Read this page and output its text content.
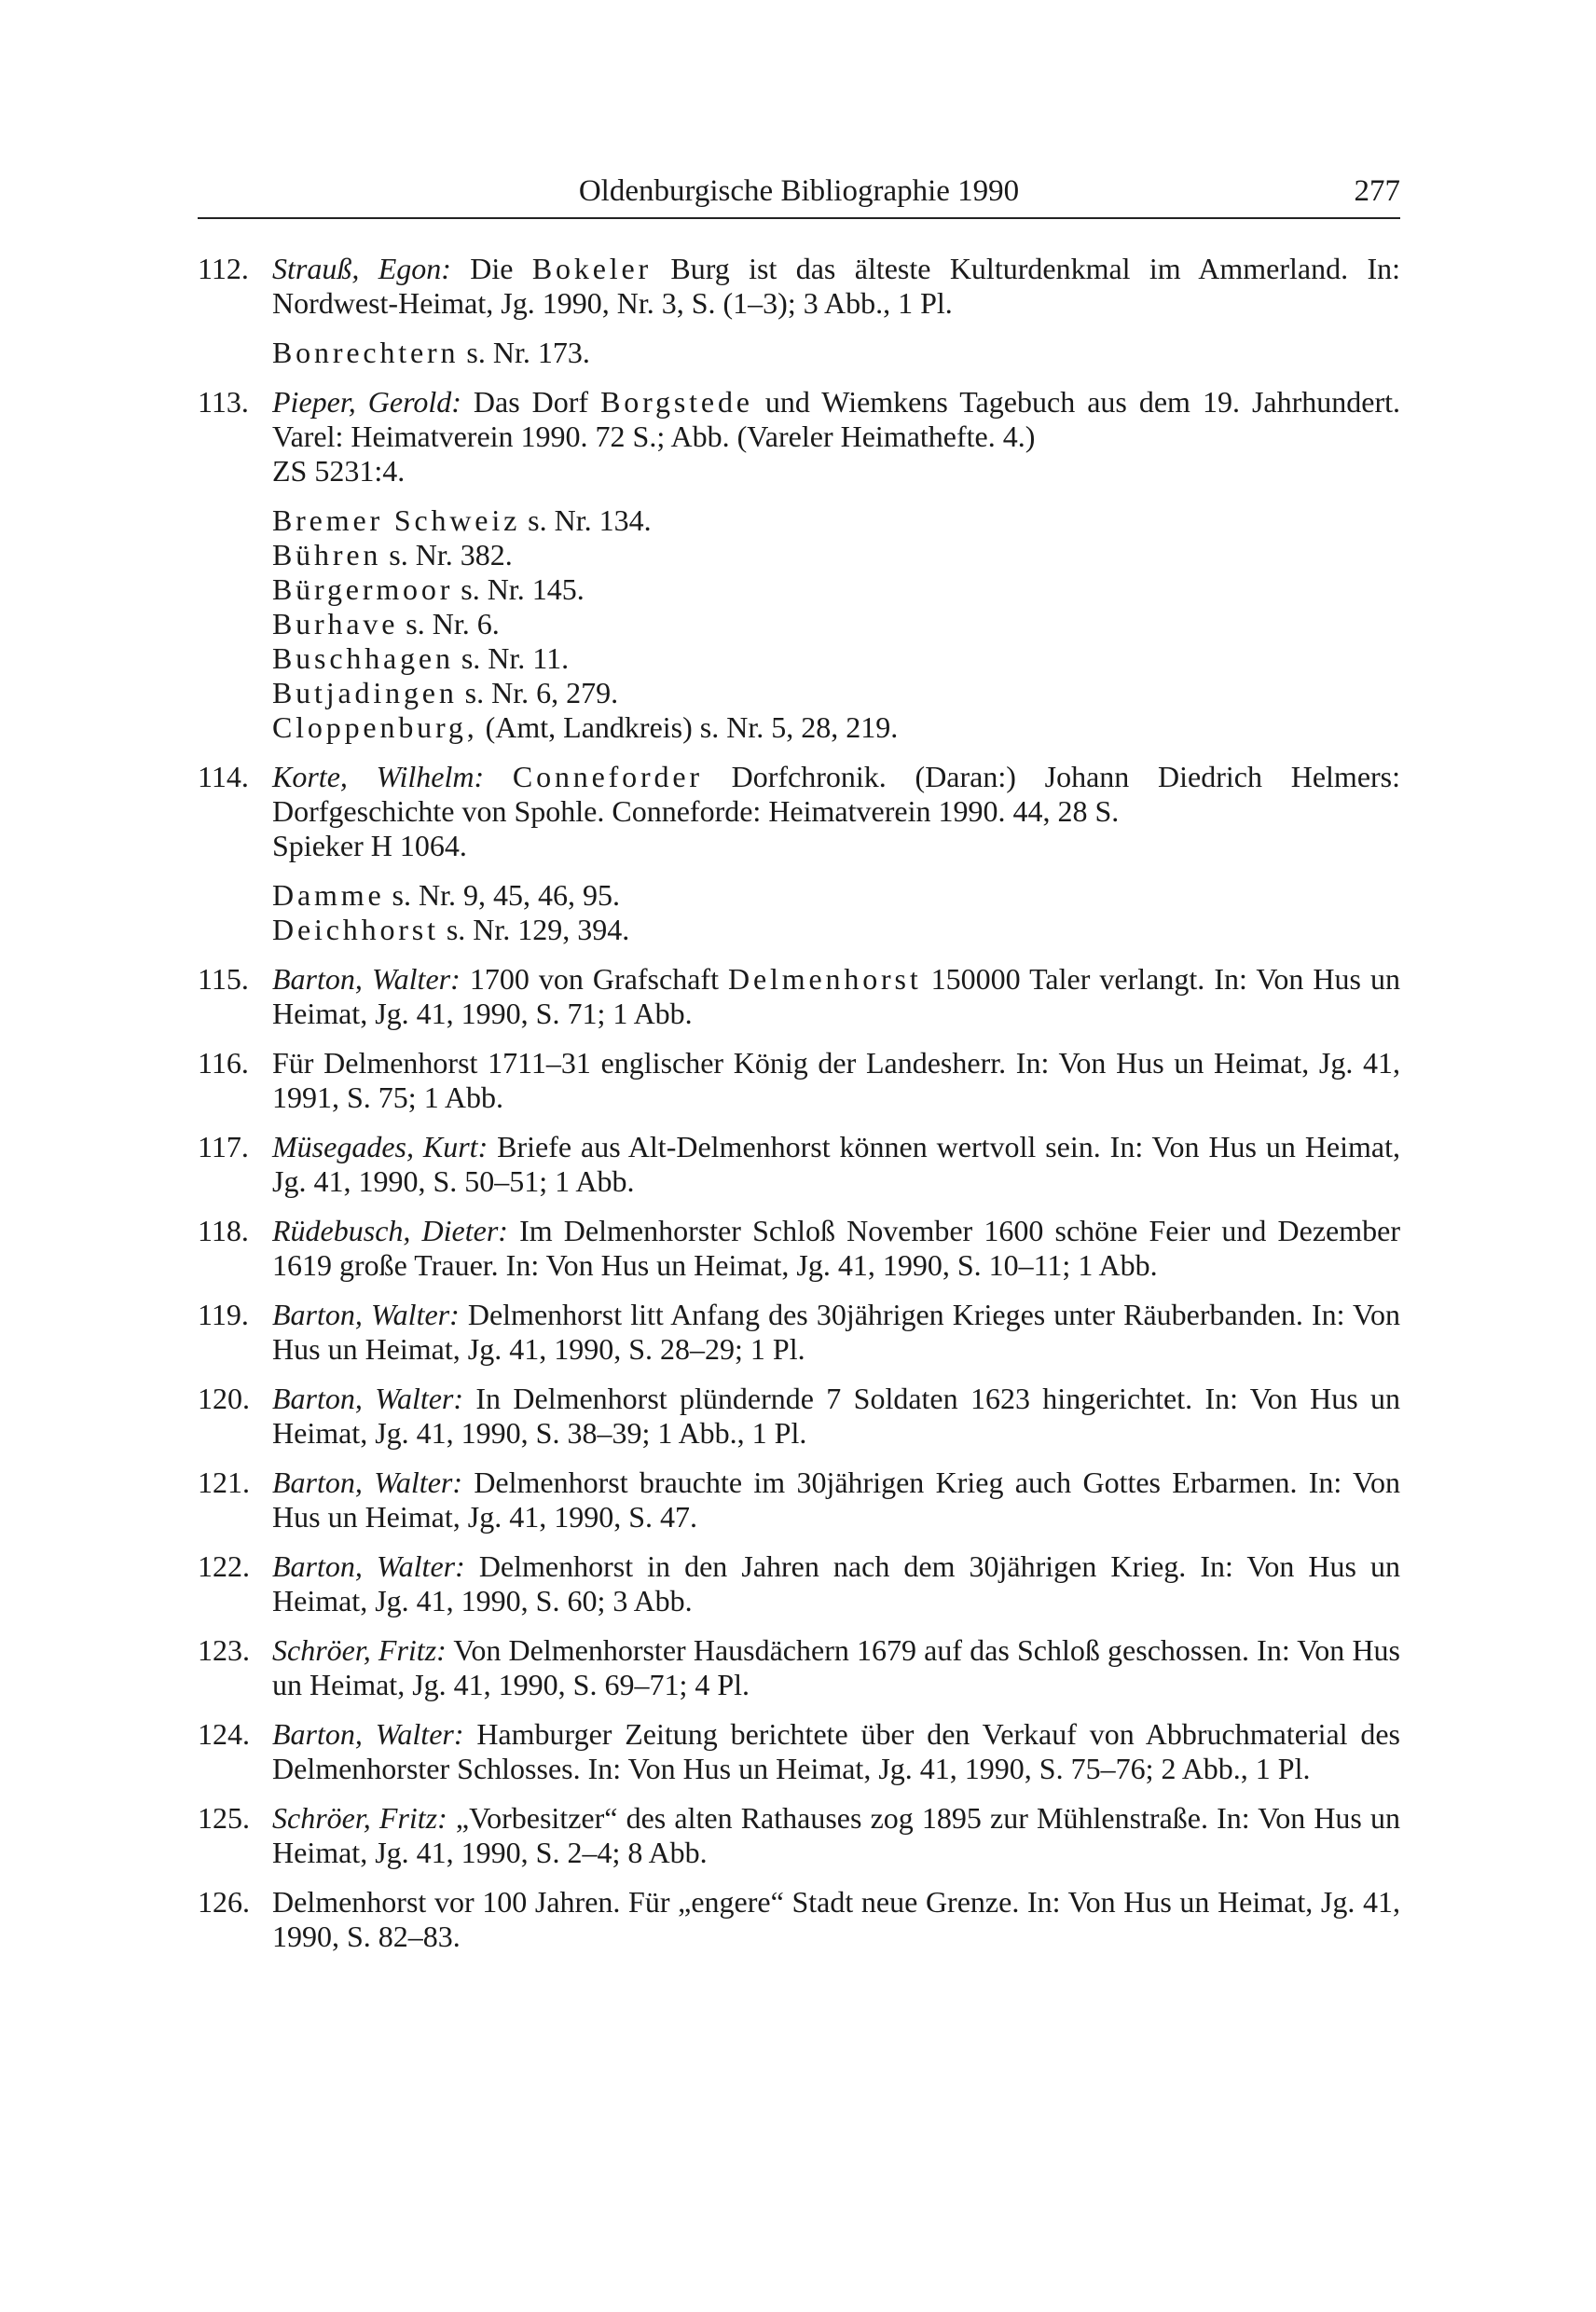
Oldenburgische Bibliographie 1990	277
112. Strauß, Egon: Die Bokeler Burg ist das älteste Kulturdenkmal im Ammerland. In: Nordwest-Heimat, Jg. 1990, Nr. 3, S. (1–3); 3 Abb., 1 Pl.
Bonrechtern s. Nr. 173.
113. Pieper, Gerold: Das Dorf Borgstede und Wiemkens Tagebuch aus dem 19. Jahrhundert. Varel: Heimatverein 1990. 72 S.; Abb. (Vareler Heimathefte. 4.)
ZS 5231:4.
Bremer Schweiz s. Nr. 134.
Bühren s. Nr. 382.
Bürgermoor s. Nr. 145.
Burhave s. Nr. 6.
Buschhagen s. Nr. 11.
Butjadingen s. Nr. 6, 279.
Cloppenburg, (Amt, Landkreis) s. Nr. 5, 28, 219.
114. Korte, Wilhelm: Conneforder Dorfchronik. (Daran:) Johann Diedrich Helmers: Dorfgeschichte von Spohle. Conneforde: Heimatverein 1990. 44, 28 S.
Spieker H 1064.
Damme s. Nr. 9, 45, 46, 95.
Deichhorst s. Nr. 129, 394.
115. Barton, Walter: 1700 von Grafschaft Delmenhorst 150000 Taler verlangt. In: Von Hus un Heimat, Jg. 41, 1990, S. 71; 1 Abb.
116. Für Delmenhorst 1711–31 englischer König der Landesherr. In: Von Hus un Heimat, Jg. 41, 1991, S. 75; 1 Abb.
117. Müsegades, Kurt: Briefe aus Alt-Delmenhorst können wertvoll sein. In: Von Hus un Heimat, Jg. 41, 1990, S. 50–51; 1 Abb.
118. Rüdebusch, Dieter: Im Delmenhorster Schloß November 1600 schöne Feier und Dezember 1619 große Trauer. In: Von Hus un Heimat, Jg. 41, 1990, S. 10–11; 1 Abb.
119. Barton, Walter: Delmenhorst litt Anfang des 30jährigen Krieges unter Räuberbanden. In: Von Hus un Heimat, Jg. 41, 1990, S. 28–29; 1 Pl.
120. Barton, Walter: In Delmenhorst plündernde 7 Soldaten 1623 hingerichtet. In: Von Hus un Heimat, Jg. 41, 1990, S. 38–39; 1 Abb., 1 Pl.
121. Barton, Walter: Delmenhorst brauchte im 30jährigen Krieg auch Gottes Erbarmen. In: Von Hus un Heimat, Jg. 41, 1990, S. 47.
122. Barton, Walter: Delmenhorst in den Jahren nach dem 30jährigen Krieg. In: Von Hus un Heimat, Jg. 41, 1990, S. 60; 3 Abb.
123. Schröer, Fritz: Von Delmenhorster Hausdächern 1679 auf das Schloß geschossen. In: Von Hus un Heimat, Jg. 41, 1990, S. 69–71; 4 Pl.
124. Barton, Walter: Hamburger Zeitung berichtete über den Verkauf von Abbruchmaterial des Delmenhorster Schlosses. In: Von Hus un Heimat, Jg. 41, 1990, S. 75–76; 2 Abb., 1 Pl.
125. Schröer, Fritz: „Vorbesitzer“ des alten Rathauses zog 1895 zur Mühlenstraße. In: Von Hus un Heimat, Jg. 41, 1990, S. 2–4; 8 Abb.
126. Delmenhorst vor 100 Jahren. Für „engere“ Stadt neue Grenze. In: Von Hus un Heimat, Jg. 41, 1990, S. 82–83.
